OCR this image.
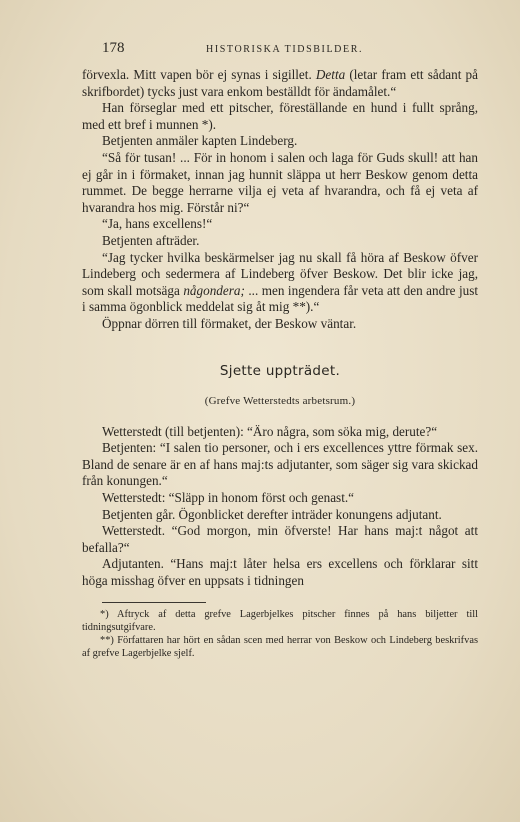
178	HISTORISKA TIDSBILDER.

förvexla. Mitt vapen bör ej synas i sigillet. Detta (letar fram ett sådant på skrifbordet) tycks just vara enkom beställdt för ändamålet.“

Han förseglar med ett pitscher, föreställande en hund i fullt språng, med ett bref i munnen *).

Betjenten anmäler kapten Lindeberg.

“Så för tusan! ... För in honom i salen och laga för Guds skull! att han ej går in i förmaket, innan jag hunnit släppa ut herr Beskow genom detta rummet. De begge herrarne vilja ej veta af hvarandra, och få ej veta af hvarandra hos mig. Förstår ni?“

“Ja, hans excellens!“

Betjenten afträder.

“Jag tycker hvilka beskärmelser jag nu skall få höra af Beskow öfver Lindeberg och sedermera af Lindeberg öfver Beskow. Det blir icke jag, som skall motsäga någondera; ... men ingendera får veta att den andre just i samma ögonblick meddelat sig åt mig **).“

Öppnar dörren till förmaket, der Beskow väntar.

Sjette uppträdet.
(Grefve Wetterstedts arbetsrum.)

Wetterstedt (till betjenten): “Äro några, som söka mig, derute?“

Betjenten: “I salen tio personer, och i ers excellences yttre förmak sex. Bland de senare är en af hans maj:ts adjutanter, som säger sig vara skickad från konungen.“

Wetterstedt: “Släpp in honom först och genast.“

Betjenten går. Ögonblicket derefter inträder konungens adjutant.

Wetterstedt. “God morgon, min öfverste! Har hans maj:t något att befalla?“

Adjutanten. “Hans maj:t låter helsa ers excellens och förklarar sitt höga misshag öfver en uppsats i tidningen

*) Aftryck af detta grefve Lagerbjelkes pitscher finnes på hans biljetter till tidningsutgifvare.

**) Författaren har hört en sådan scen med herrar von Beskow och Lindeberg beskrifvas af grefve Lagerbjelke sjelf.
